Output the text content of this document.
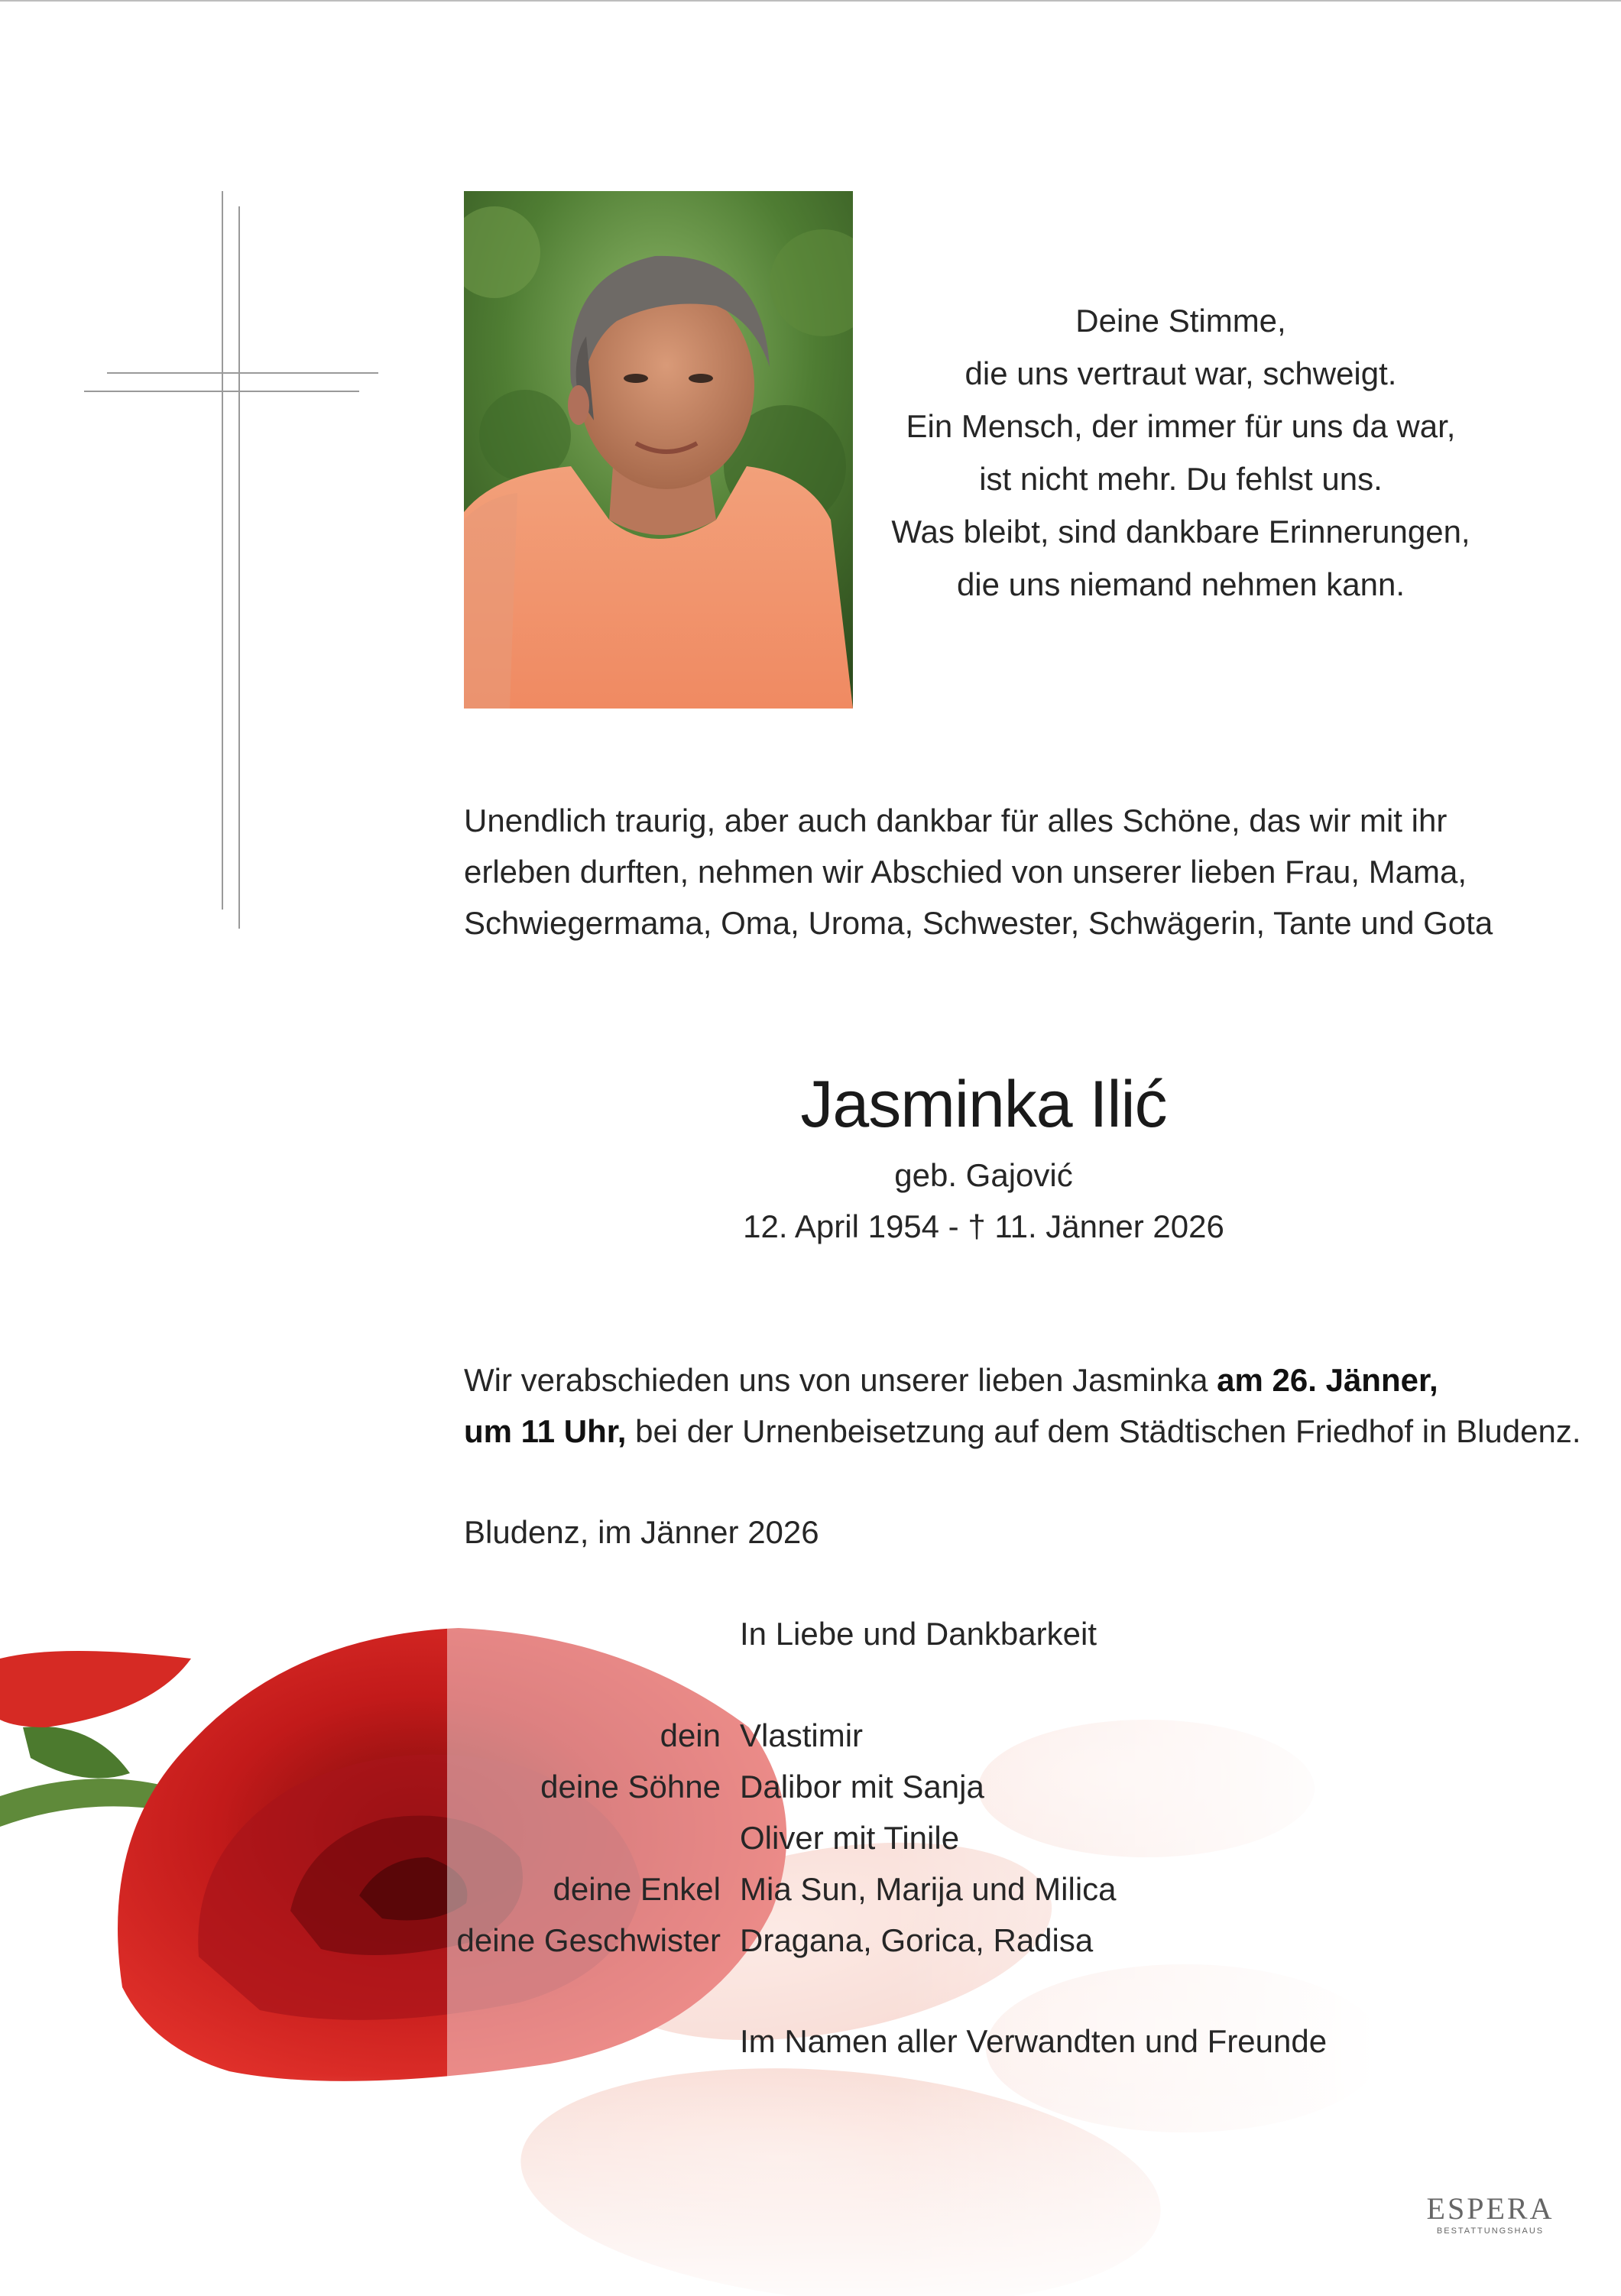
Deine Stimme,
die uns vertraut war, schweigt.
Ein Mensch, der immer für uns da war,
ist nicht mehr. Du fehlst uns.
Was bleibt, sind dankbare Erinnerungen,
die uns niemand nehmen kann.
Unendlich traurig, aber auch dankbar für alles Schöne, das wir mit ihr
erleben durften, nehmen wir Abschied von unserer lieben Frau, Mama,
Schwiegermama, Oma, Uroma, Schwester, Schwägerin, Tante und Gota
Jasminka Ilić
geb. Gajović
12. April 1954 - † 11. Jänner 2026
Wir verabschieden uns von unserer lieben Jasminka am 26. Jänner,
um 11 Uhr, bei der Urnenbeisetzung auf dem Städtischen Friedhof in Bludenz.
Bludenz, im Jänner 2026
In Liebe und Dankbarkeit
dein Vlastimir
deine Söhne Dalibor mit Sanja
Oliver mit Tinile
deine Enkel Mia Sun, Marija und Milica
deine Geschwister Dragana, Gorica, Radisa
Im Namen aller Verwandten und Freunde
ESPERA
BESTATTUNGSHAUS
